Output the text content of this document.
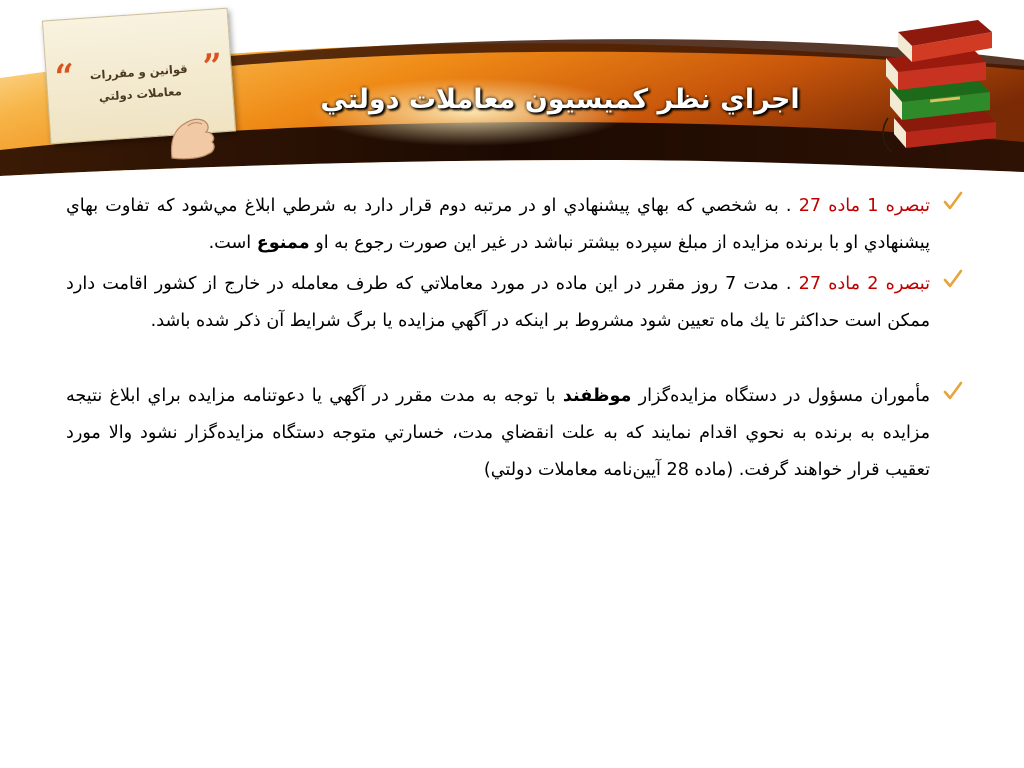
“ قوانين و مقررات
معاملات دولتي
”
اجراي نظر كميسيون معاملات دولتي

تبصره 1 ماده 27 . به شخصي كه بهاي پيشنهادي او در مرتبه دوم قرار دارد به شرطي ابلاغ مي‌شود كه تفاوت بهاي پيشنهادي او با برنده مزايده از مبلغ سپرده بيشتر نباشد در غير اين صورت رجوع به او ممنوع است.

تبصره 2 ماده 27 . مدت 7 روز مقرر در اين ماده در مورد معاملاتي كه طرف معامله در خارج از كشور اقامت دارد ممكن است حداكثر تا يك ماه تعيين شود مشروط بر اينكه در آگهي مزايده يا برگ شرايط آن ذكر شده باشد.

مأموران مسؤول در دستگاه مزايده‌گزار موظفند با توجه به مدت مقرر در آگهي يا دعوتنامه مزايده براي ابلاغ نتيجه مزايده به برنده به نحوي اقدام نمايند كه به علت انقضاي مدت، خسارتي متوجه دستگاه مزايده‌گزار نشود والا مورد تعقيب قرار خواهند گرفت. (ماده 28 آيين‌نامه معاملات دولتي)
